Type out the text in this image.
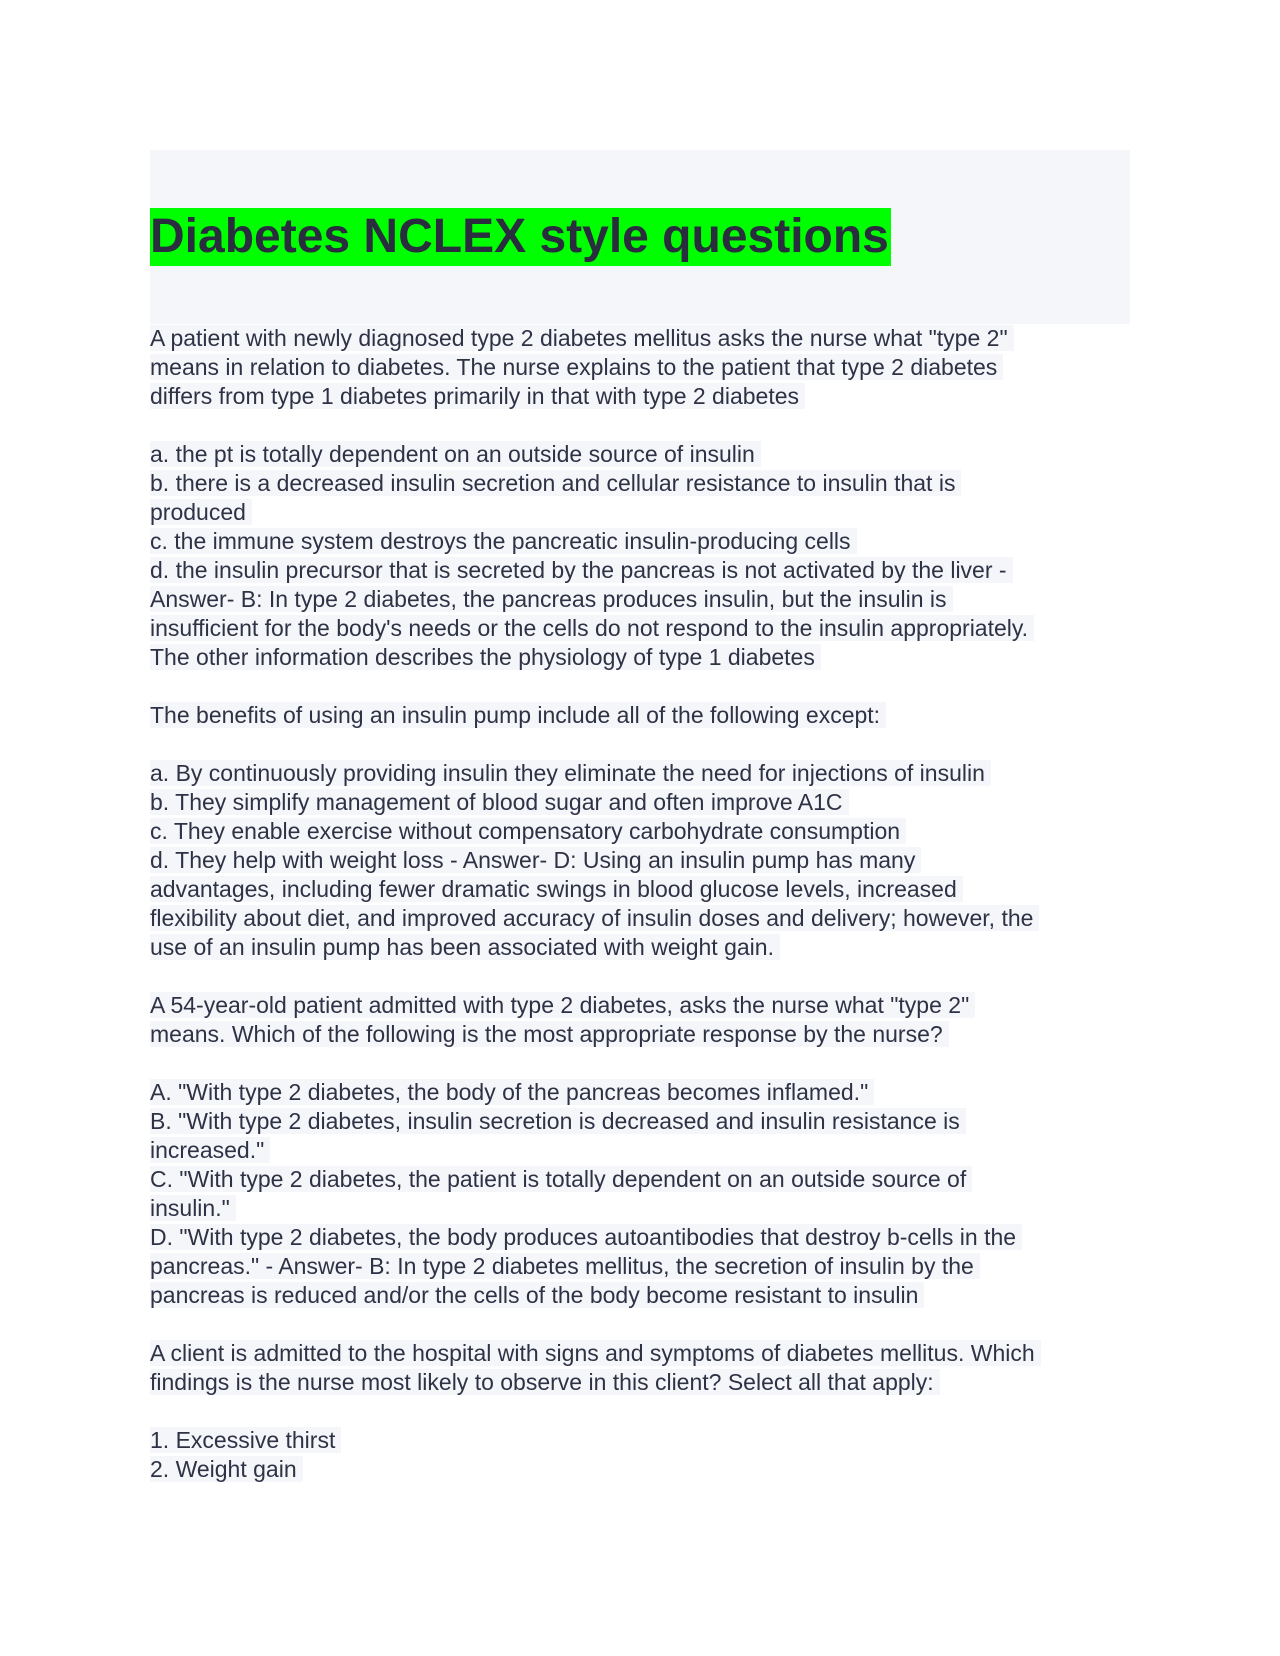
Diabetes NCLEX style questions
A patient with newly diagnosed type 2 diabetes mellitus asks the nurse what "type 2"
means in relation to diabetes. The nurse explains to the patient that type 2 diabetes
differs from type 1 diabetes primarily in that with type 2 diabetes
a. the pt is totally dependent on an outside source of insulin
b. there is a decreased insulin secretion and cellular resistance to insulin that is
produced
c. the immune system destroys the pancreatic insulin-producing cells
d. the insulin precursor that is secreted by the pancreas is not activated by the liver -
Answer- B: In type 2 diabetes, the pancreas produces insulin, but the insulin is
insufficient for the body's needs or the cells do not respond to the insulin appropriately.
The other information describes the physiology of type 1 diabetes
The benefits of using an insulin pump include all of the following except:
a. By continuously providing insulin they eliminate the need for injections of insulin
b. They simplify management of blood sugar and often improve A1C
c. They enable exercise without compensatory carbohydrate consumption
d. They help with weight loss - Answer- D: Using an insulin pump has many
advantages, including fewer dramatic swings in blood glucose levels, increased
flexibility about diet, and improved accuracy of insulin doses and delivery; however, the
use of an insulin pump has been associated with weight gain.
A 54-year-old patient admitted with type 2 diabetes, asks the nurse what "type 2"
means. Which of the following is the most appropriate response by the nurse?
A. "With type 2 diabetes, the body of the pancreas becomes inflamed."
B. "With type 2 diabetes, insulin secretion is decreased and insulin resistance is
increased."
C. "With type 2 diabetes, the patient is totally dependent on an outside source of
insulin."
D. "With type 2 diabetes, the body produces autoantibodies that destroy b-cells in the
pancreas." - Answer- B: In type 2 diabetes mellitus, the secretion of insulin by the
pancreas is reduced and/or the cells of the body become resistant to insulin
A client is admitted to the hospital with signs and symptoms of diabetes mellitus. Which
findings is the nurse most likely to observe in this client? Select all that apply:
1. Excessive thirst
2. Weight gain
